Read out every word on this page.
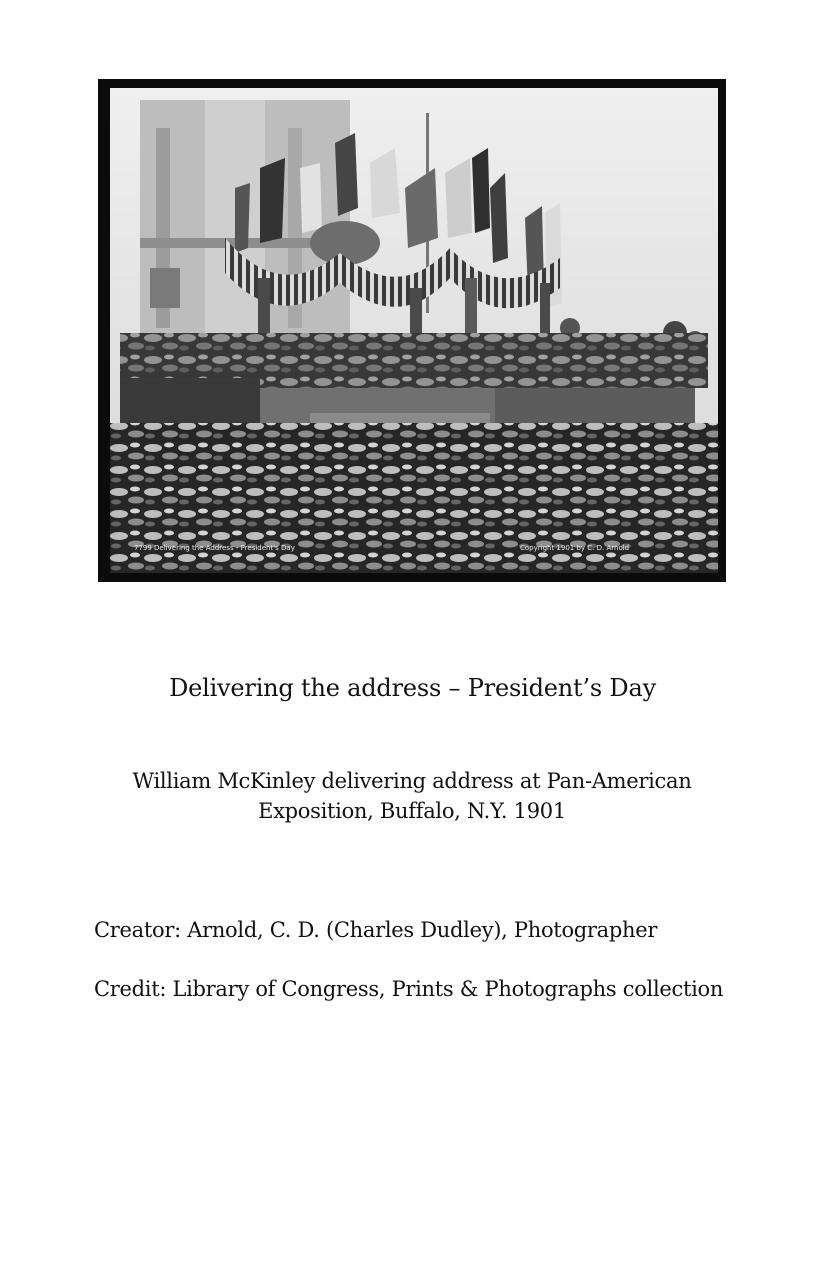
7799 Delivering the Address - President's Day	Copyright 1901 by C. D. Arnold
Delivering the address – President’s Day
William McKinley delivering address at Pan-American Exposition, Buffalo, N.Y. 1901
Creator: Arnold, C. D. (Charles Dudley), Photographer
Credit: Library of Congress, Prints & Photographs collection
